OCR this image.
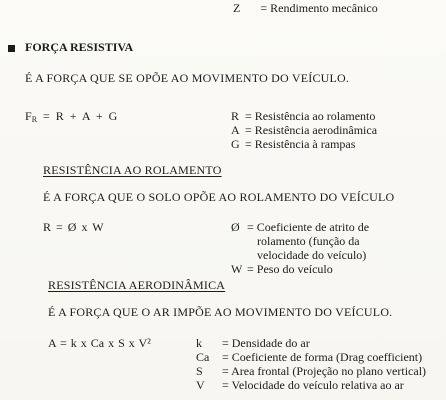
Z = Rendimento mecânico
FORÇA RESISTIVA
É A FORÇA QUE SE OPÕE AO MOVIMENTO DO VEÍCULO.
$F_R = R + A + G$	R = Resistência ao rolamento
A = Resistência aerodinâmica
G = Resistência à rampas
RESISTÊNCIA AO ROLAMENTO
É A FORÇA QUE O SOLO OPÕE AO ROLAMENTO DO VEÍCULO
R = Ø x W	Ø = Coeficiente de atrito de
rolamento (função da
velocidade do veículo)
W = Peso do veículo
RESISTÊNCIA AERODINÂMICA
É A FORÇA QUE O AR IMPÕE AO MOVIMENTO DO VEÍCULO.
A = k x Ca x S x V²	k	= Densidade do ar
Ca	= Coeficiente de forma (Drag coefficient)
S	= Area frontal (Projeção no plano vertical)
V	= Velocidade do veículo relativa ao ar
